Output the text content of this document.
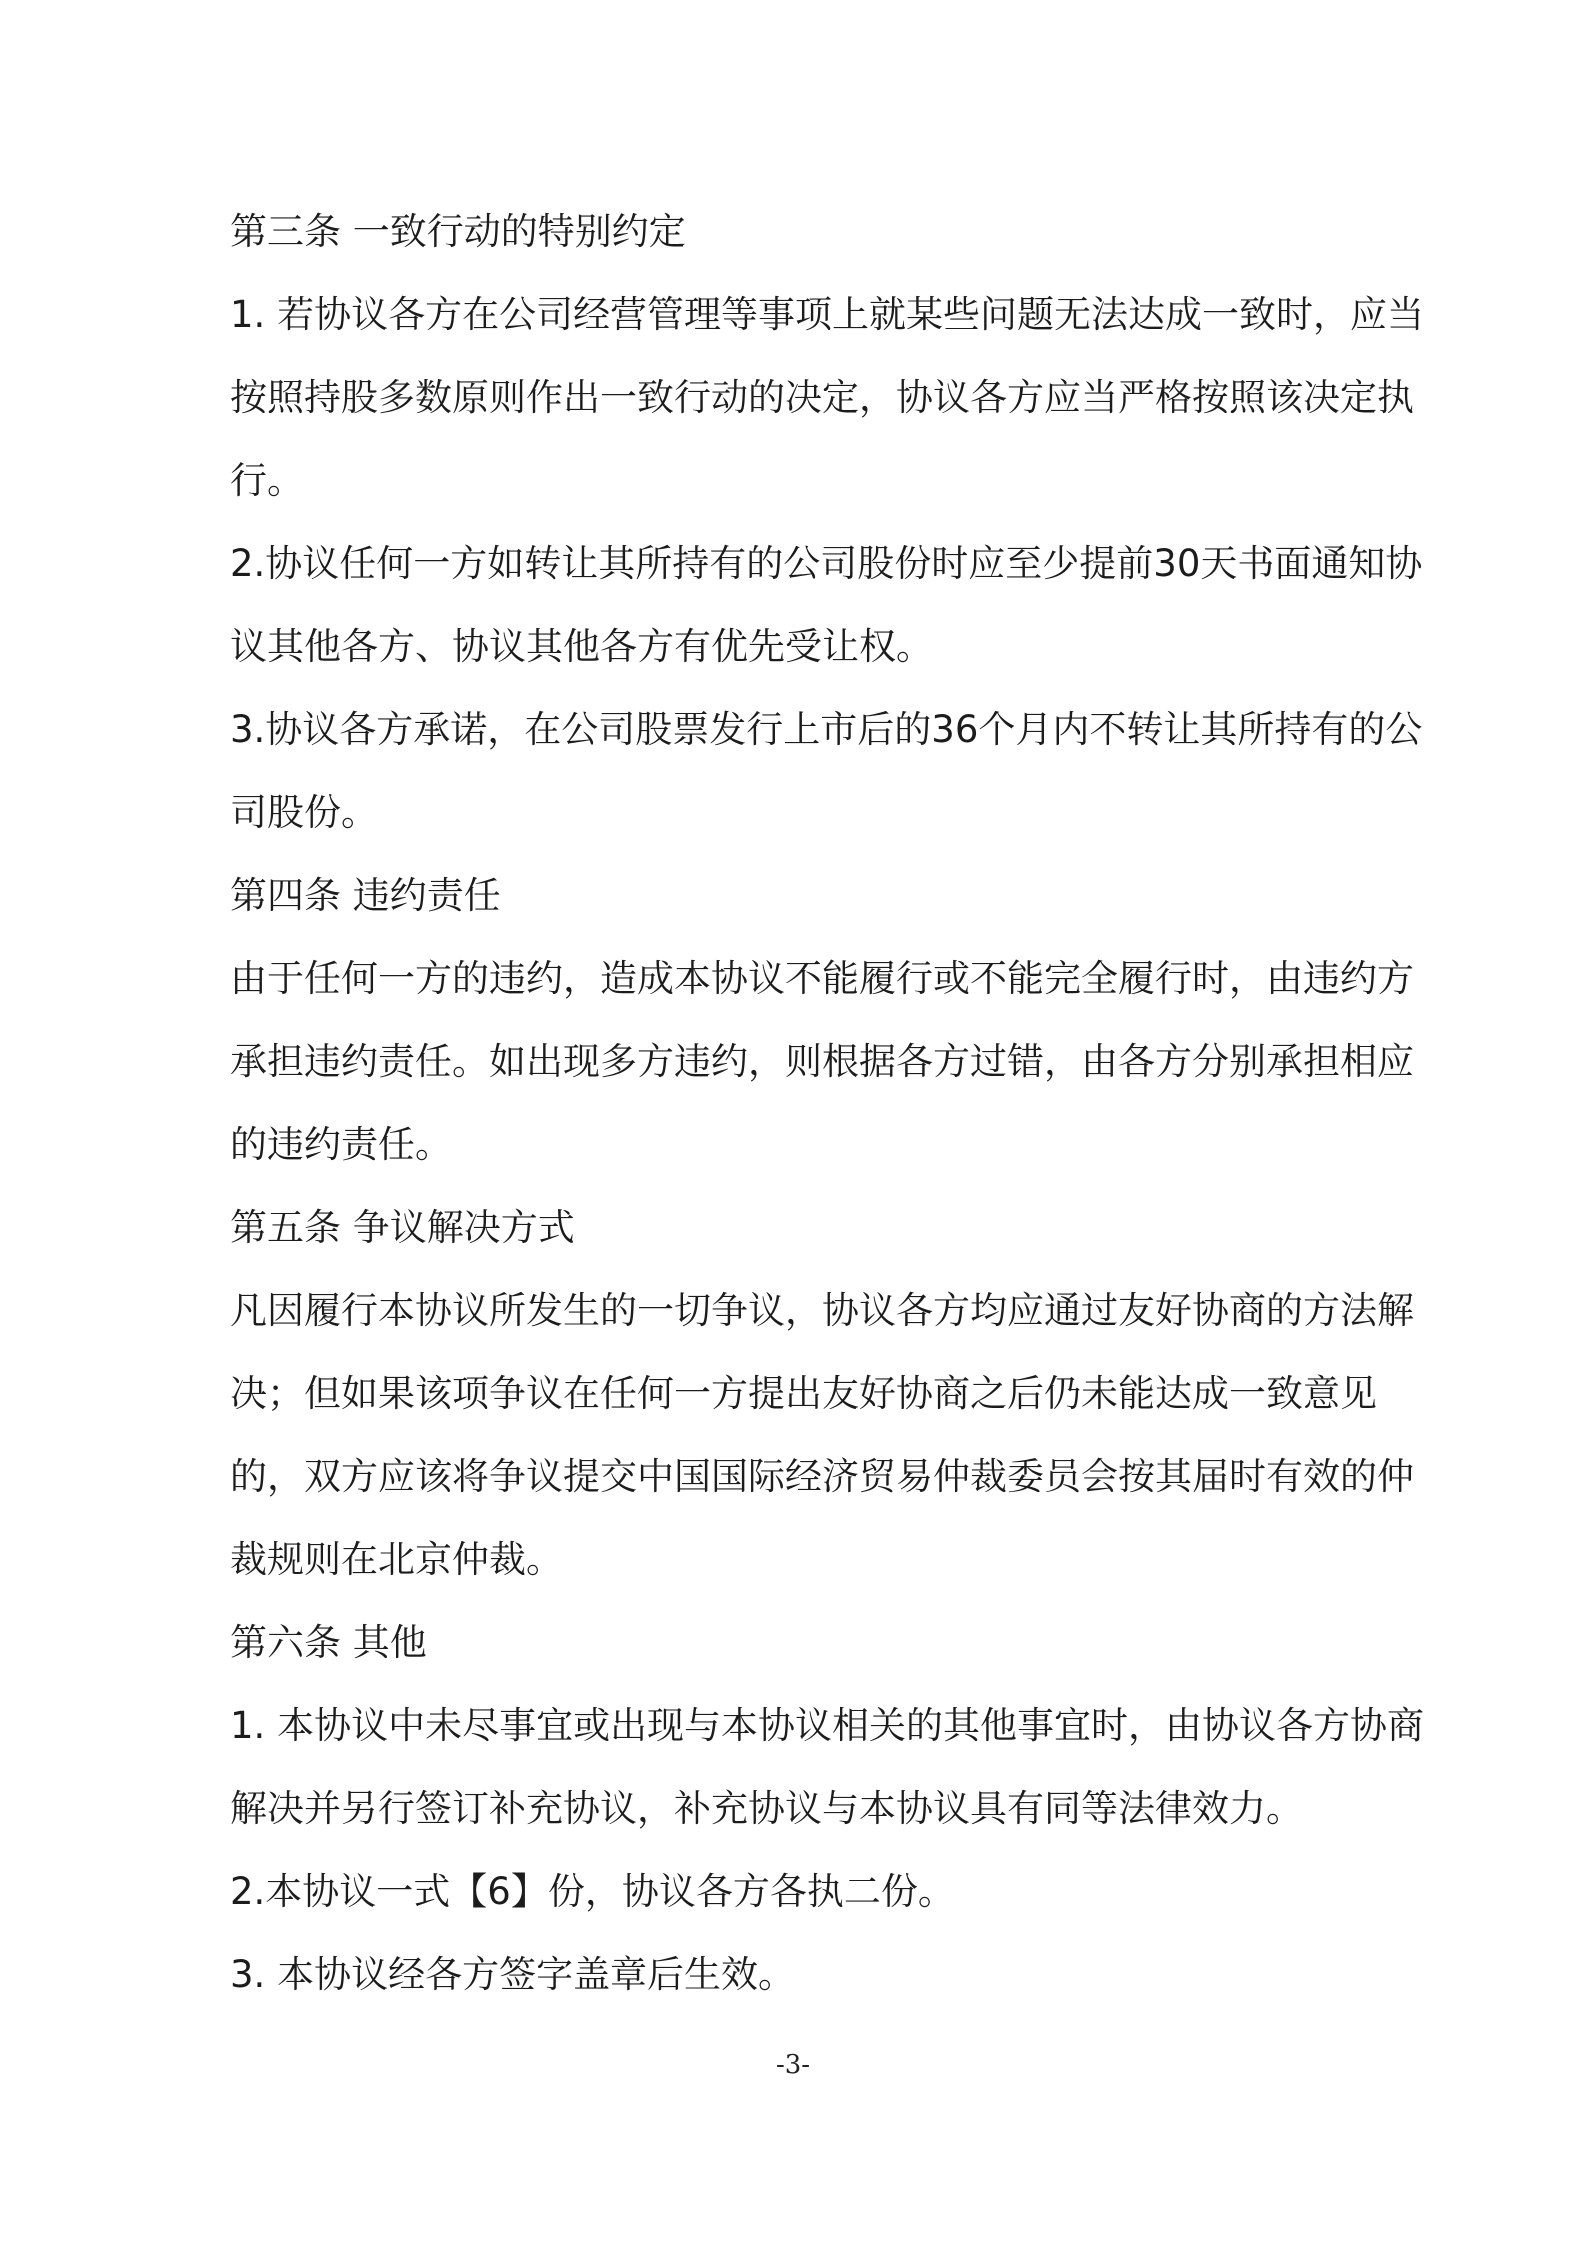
第三条 一致行动的特别约定

1. 若协议各方在公司经营管理等事项上就某些问题无法达成一致时，应当按照持股多数原则作出一致行动的决定，协议各方应当严格按照该决定执行。

2.协议任何一方如转让其所持有的公司股份时应至少提前30天书面通知协议其他各方、协议其他各方有优先受让权。

3.协议各方承诺，在公司股票发行上市后的36个月内不转让其所持有的公司股份。

第四条 违约责任

由于任何一方的违约，造成本协议不能履行或不能完全履行时，由违约方承担违约责任。如出现多方违约，则根据各方过错，由各方分别承担相应的违约责任。

第五条 争议解决方式

凡因履行本协议所发生的一切争议，协议各方均应通过友好协商的方法解决；但如果该项争议在任何一方提出友好协商之后仍未能达成一致意见的，双方应该将争议提交中国国际经济贸易仲裁委员会按其届时有效的仲裁规则在北京仲裁。

第六条 其他

1. 本协议中未尽事宜或出现与本协议相关的其他事宜时，由协议各方协商解决并另行签订补充协议，补充协议与本协议具有同等法律效力。

2.本协议一式【6】份，协议各方各执二份。

3. 本协议经各方签字盖章后生效。

-3-
